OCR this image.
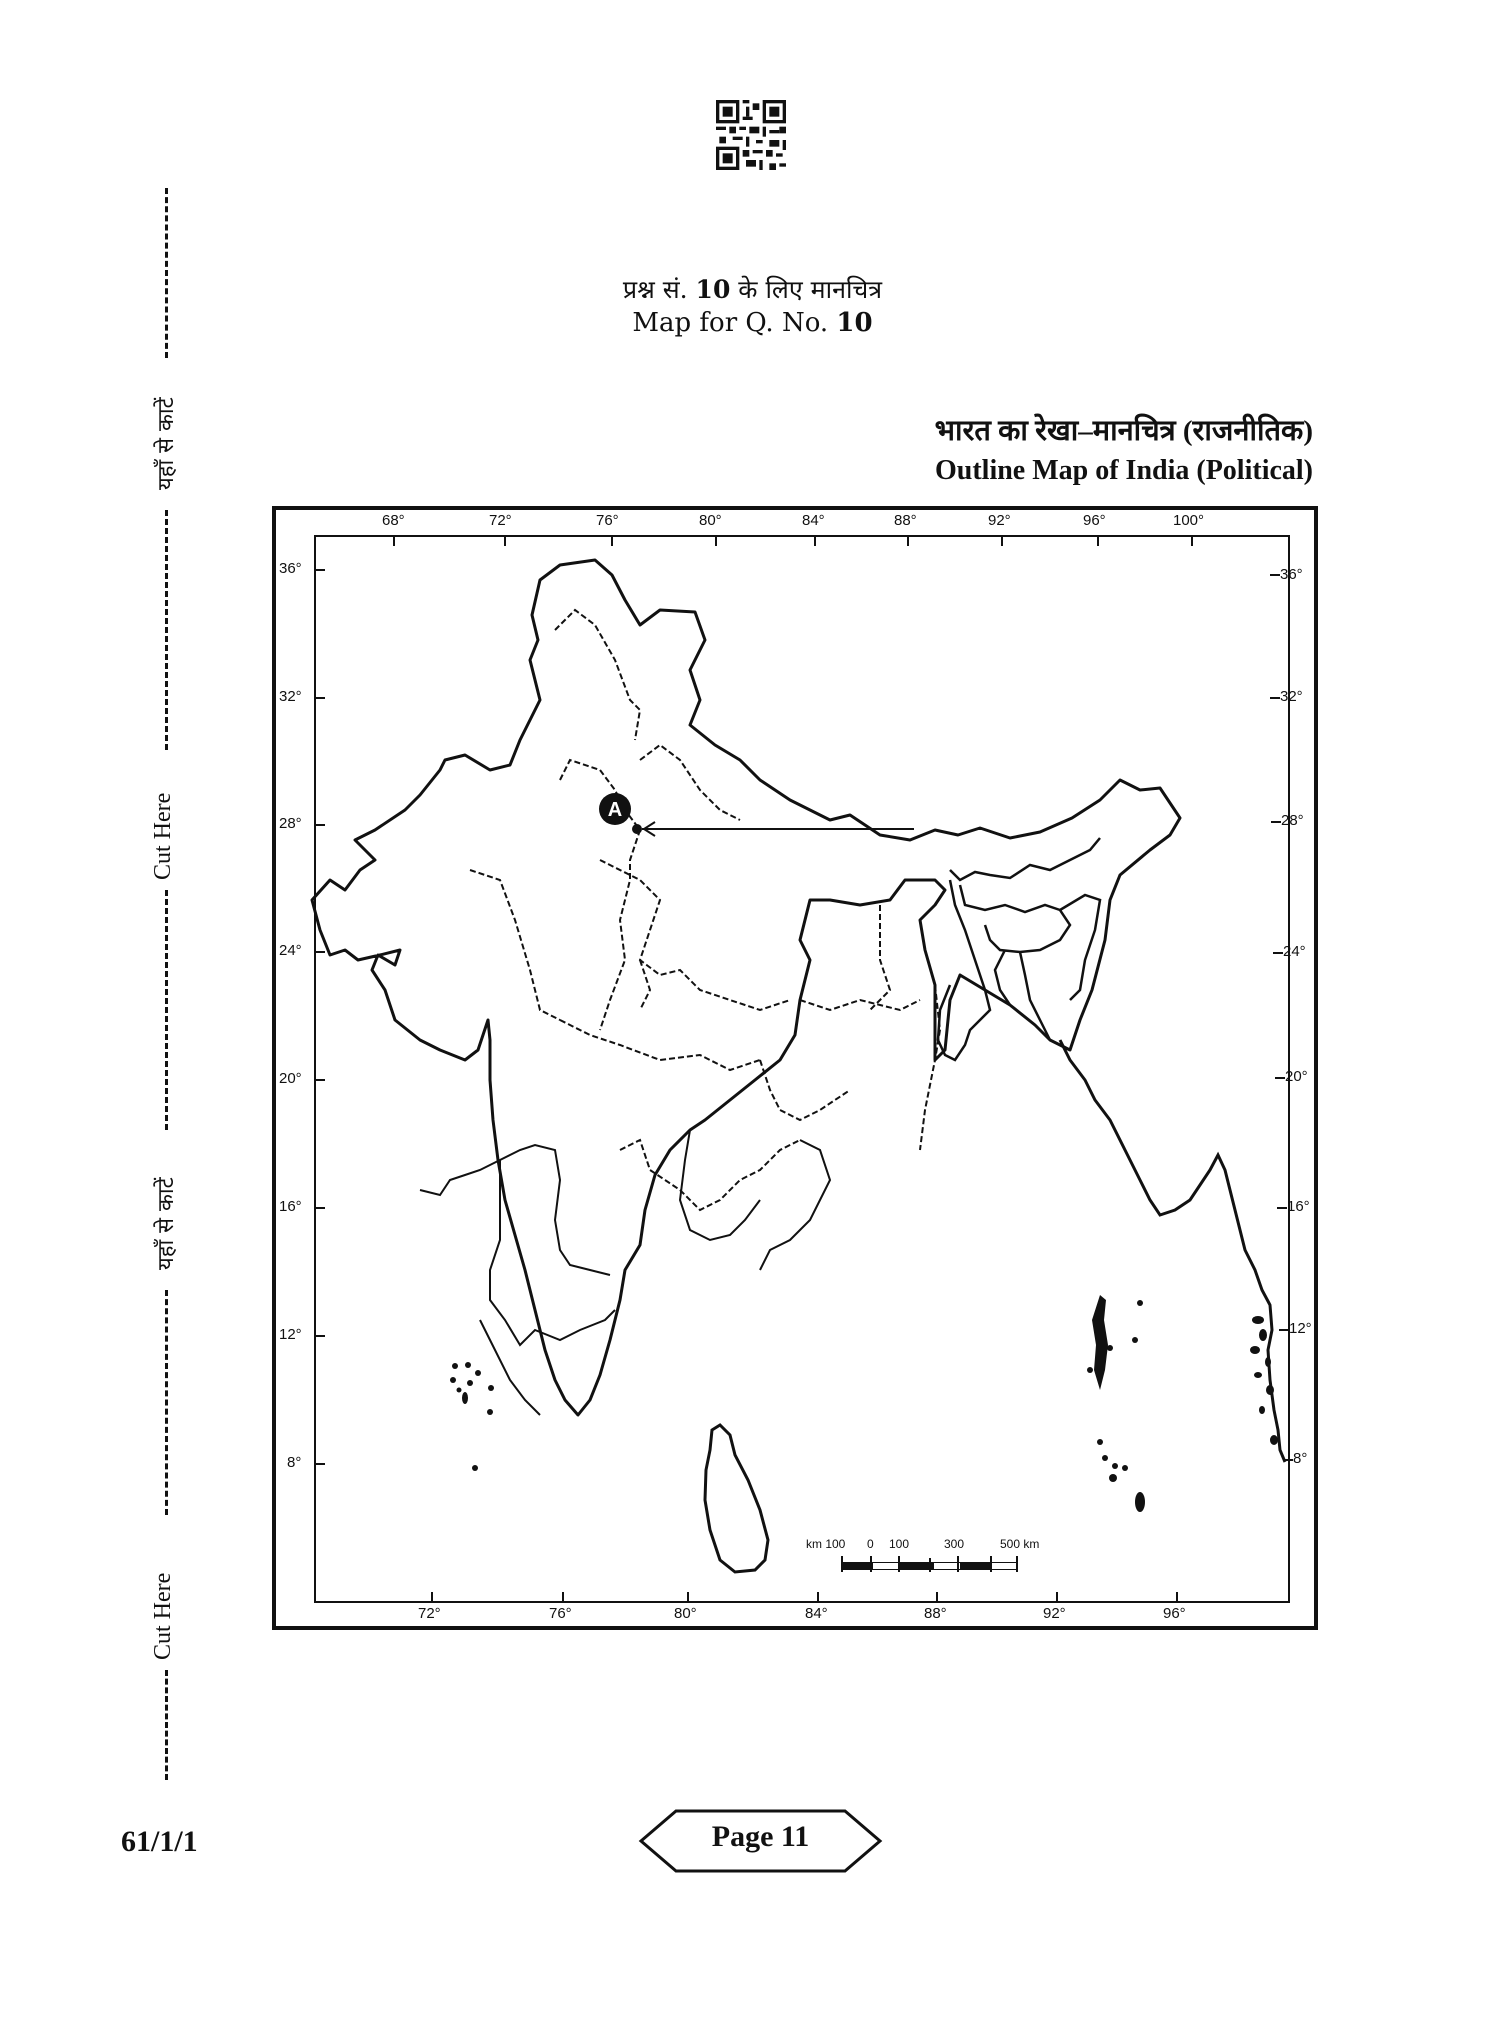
प्रश्न सं. 10 के लिए मानचित्र
Map for Q. No. 10
भारत का रेखा–मानचित्र (राजनीतिक)
Outline Map of India (Political)
68°	72°	76°	80°	84°	88°	92°	96°	100°
72°	76°	80°	84°	88°	92°	96°
36°
32°
28°
24°
20°
16°
12°
8°
36°
32°
28°
24°
20°
16°
12°
8°
A
km 100 0 100	300	500 km
यहाँ से काटें
Cut Here
यहाँ से काटें
Cut Here
61/1/1	Page 11
